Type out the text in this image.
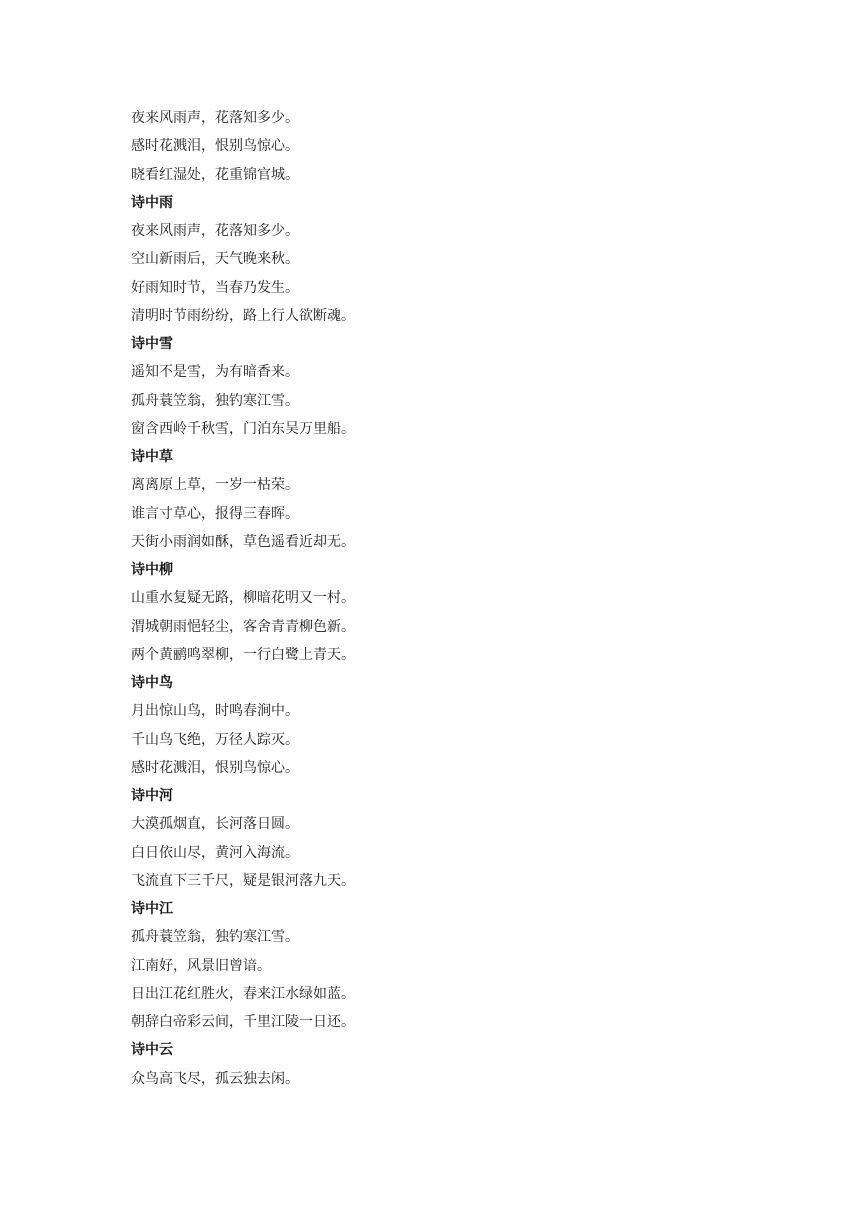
夜来风雨声，花落知多少。
感时花溅泪，恨别鸟惊心。
晓看红湿处，花重锦官城。
诗中雨
夜来风雨声，花落知多少。
空山新雨后，天气晚来秋。
好雨知时节，当春乃发生。
清明时节雨纷纷，路上行人欲断魂。
诗中雪
遥知不是雪，为有暗香来。
孤舟蓑笠翁，独钓寒江雪。
窗含西岭千秋雪，门泊东吴万里船。
诗中草
离离原上草，一岁一枯荣。
谁言寸草心，报得三春晖。
天街小雨润如酥，草色遥看近却无。
诗中柳
山重水复疑无路，柳暗花明又一村。
渭城朝雨悒轻尘，客舍青青柳色新。
两个黄鹂鸣翠柳，一行白鹭上青天。
诗中鸟
月出惊山鸟，时鸣春涧中。
千山鸟飞绝，万径人踪灭。
感时花溅泪，恨别鸟惊心。
诗中河
大漠孤烟直，长河落日圆。
白日依山尽，黄河入海流。
飞流直下三千尺，疑是银河落九天。
诗中江
孤舟蓑笠翁，独钓寒江雪。
江南好，风景旧曾谙。
日出江花红胜火，春来江水绿如蓝。
朝辞白帝彩云间，千里江陵一日还。
诗中云
众鸟高飞尽，孤云独去闲。
